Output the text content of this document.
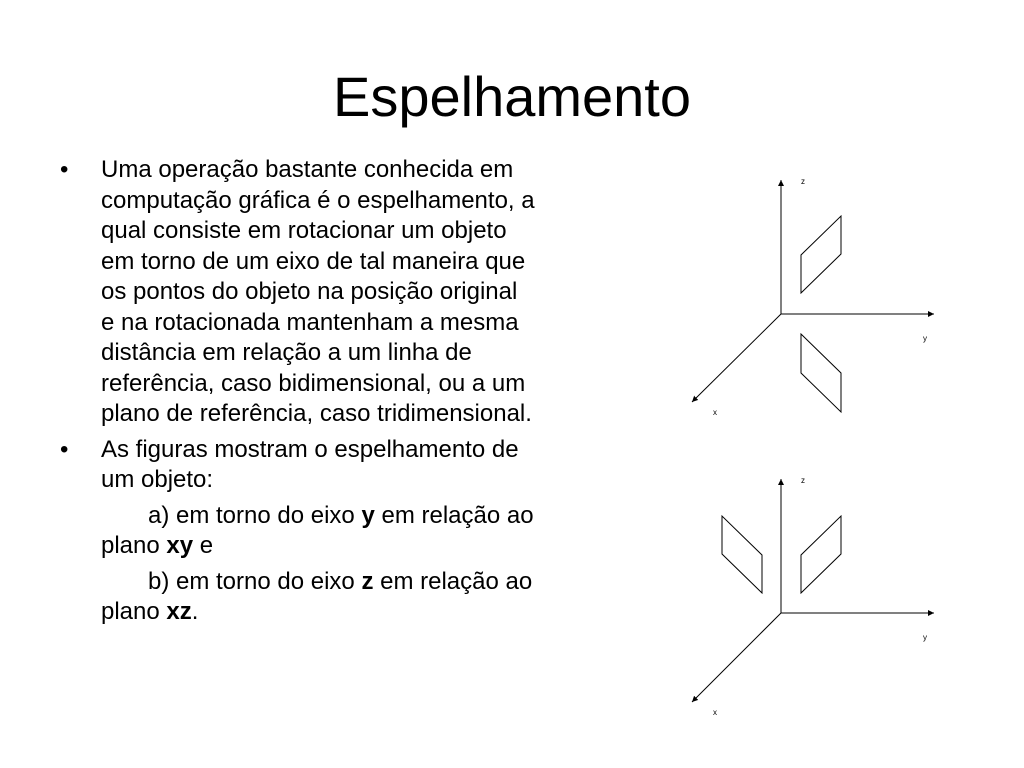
Espelhamento
• Uma operação bastante conhecida em
computação gráfica é o espelhamento, a
qual consiste em rotacionar um objeto
em torno de um eixo de tal maneira que
os pontos do objeto na posição original
e na rotacionada mantenham a mesma
distância em relação a um linha de
referência, caso bidimensional, ou a um
plano de referência, caso tridimensional.
• As figuras mostram o espelhamento de
um objeto:
a) em torno do eixo y em relação ao
plano xy e
b) em torno do eixo z em relação ao
plano xz.
z
y
x
z
y
x
